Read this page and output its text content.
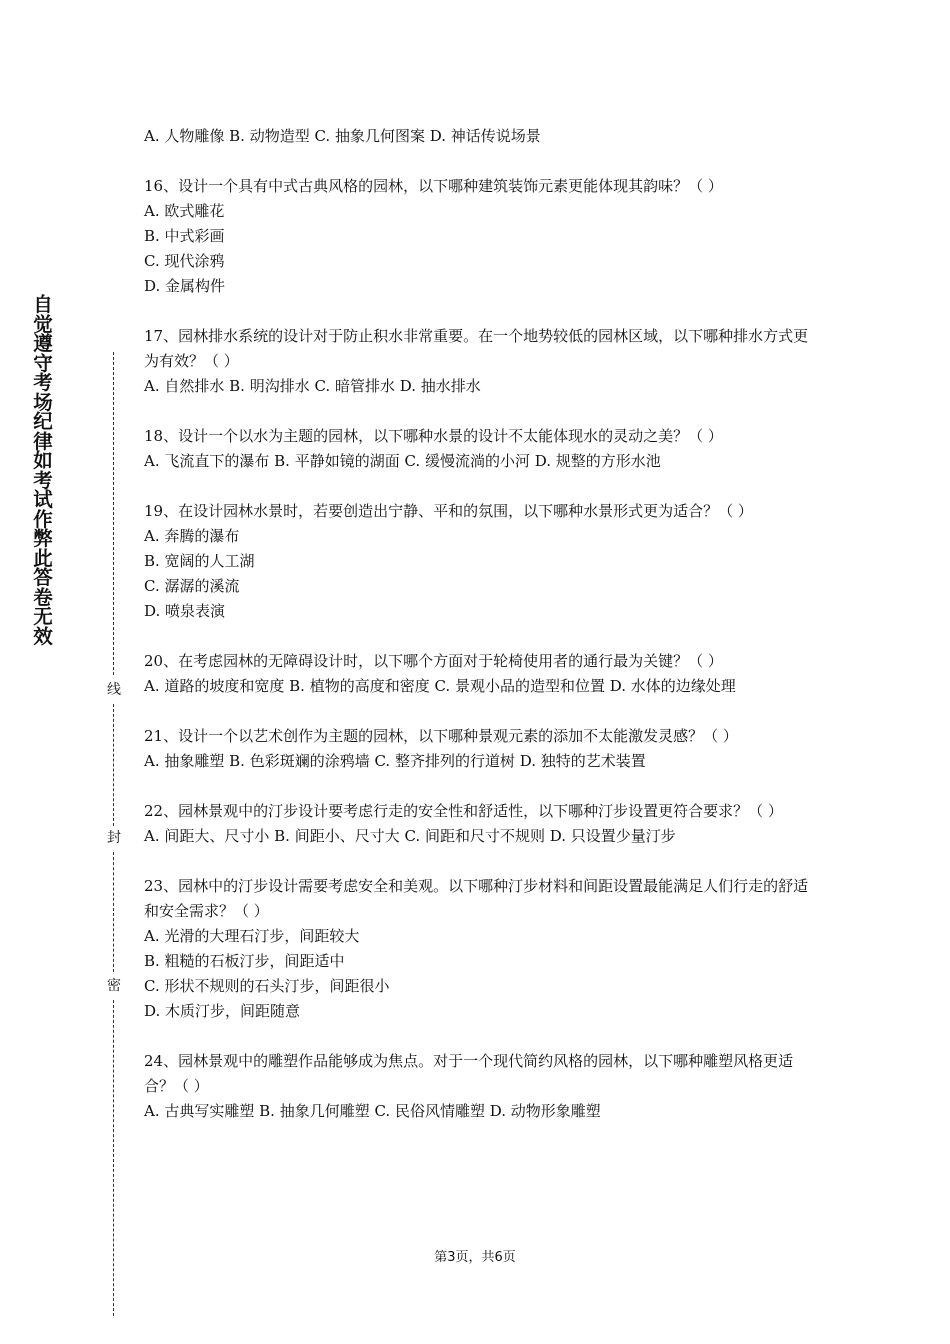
自觉遵守考场纪律如考试作弊此答卷无效
线
封
密

A. 人物雕像 B. 动物造型 C. 抽象几何图案 D. 神话传说场景

16、设计一个具有中式古典风格的园林，以下哪种建筑装饰元素更能体现其韵味？（ ）

A. 欧式雕花

B. 中式彩画

C. 现代涂鸦

D. 金属构件

17、园林排水系统的设计对于防止积水非常重要。在一个地势较低的园林区域，以下哪种排水方式更为有效？（ ）

A. 自然排水 B. 明沟排水 C. 暗管排水 D. 抽水排水

18、设计一个以水为主题的园林，以下哪种水景的设计不太能体现水的灵动之美？（ ）

A. 飞流直下的瀑布 B. 平静如镜的湖面 C. 缓慢流淌的小河 D. 规整的方形水池

19、在设计园林水景时，若要创造出宁静、平和的氛围，以下哪种水景形式更为适合？（ ）

A. 奔腾的瀑布

B. 宽阔的人工湖

C. 潺潺的溪流

D. 喷泉表演

20、在考虑园林的无障碍设计时，以下哪个方面对于轮椅使用者的通行最为关键？（ ）

A. 道路的坡度和宽度 B. 植物的高度和密度 C. 景观小品的造型和位置 D. 水体的边缘处理

21、设计一个以艺术创作为主题的园林，以下哪种景观元素的添加不太能激发灵感？（ ）

A. 抽象雕塑 B. 色彩斑斓的涂鸦墙 C. 整齐排列的行道树 D. 独特的艺术装置

22、园林景观中的汀步设计要考虑行走的安全性和舒适性，以下哪种汀步设置更符合要求？（ ）

A. 间距大、尺寸小 B. 间距小、尺寸大 C. 间距和尺寸不规则 D. 只设置少量汀步

23、园林中的汀步设计需要考虑安全和美观。以下哪种汀步材料和间距设置最能满足人们行走的舒适和安全需求？（ ）

A. 光滑的大理石汀步，间距较大

B. 粗糙的石板汀步，间距适中

C. 形状不规则的石头汀步，间距很小

D. 木质汀步，间距随意

24、园林景观中的雕塑作品能够成为焦点。对于一个现代简约风格的园林，以下哪种雕塑风格更适合？（ ）

A. 古典写实雕塑 B. 抽象几何雕塑 C. 民俗风情雕塑 D. 动物形象雕塑

第3页，共6页
